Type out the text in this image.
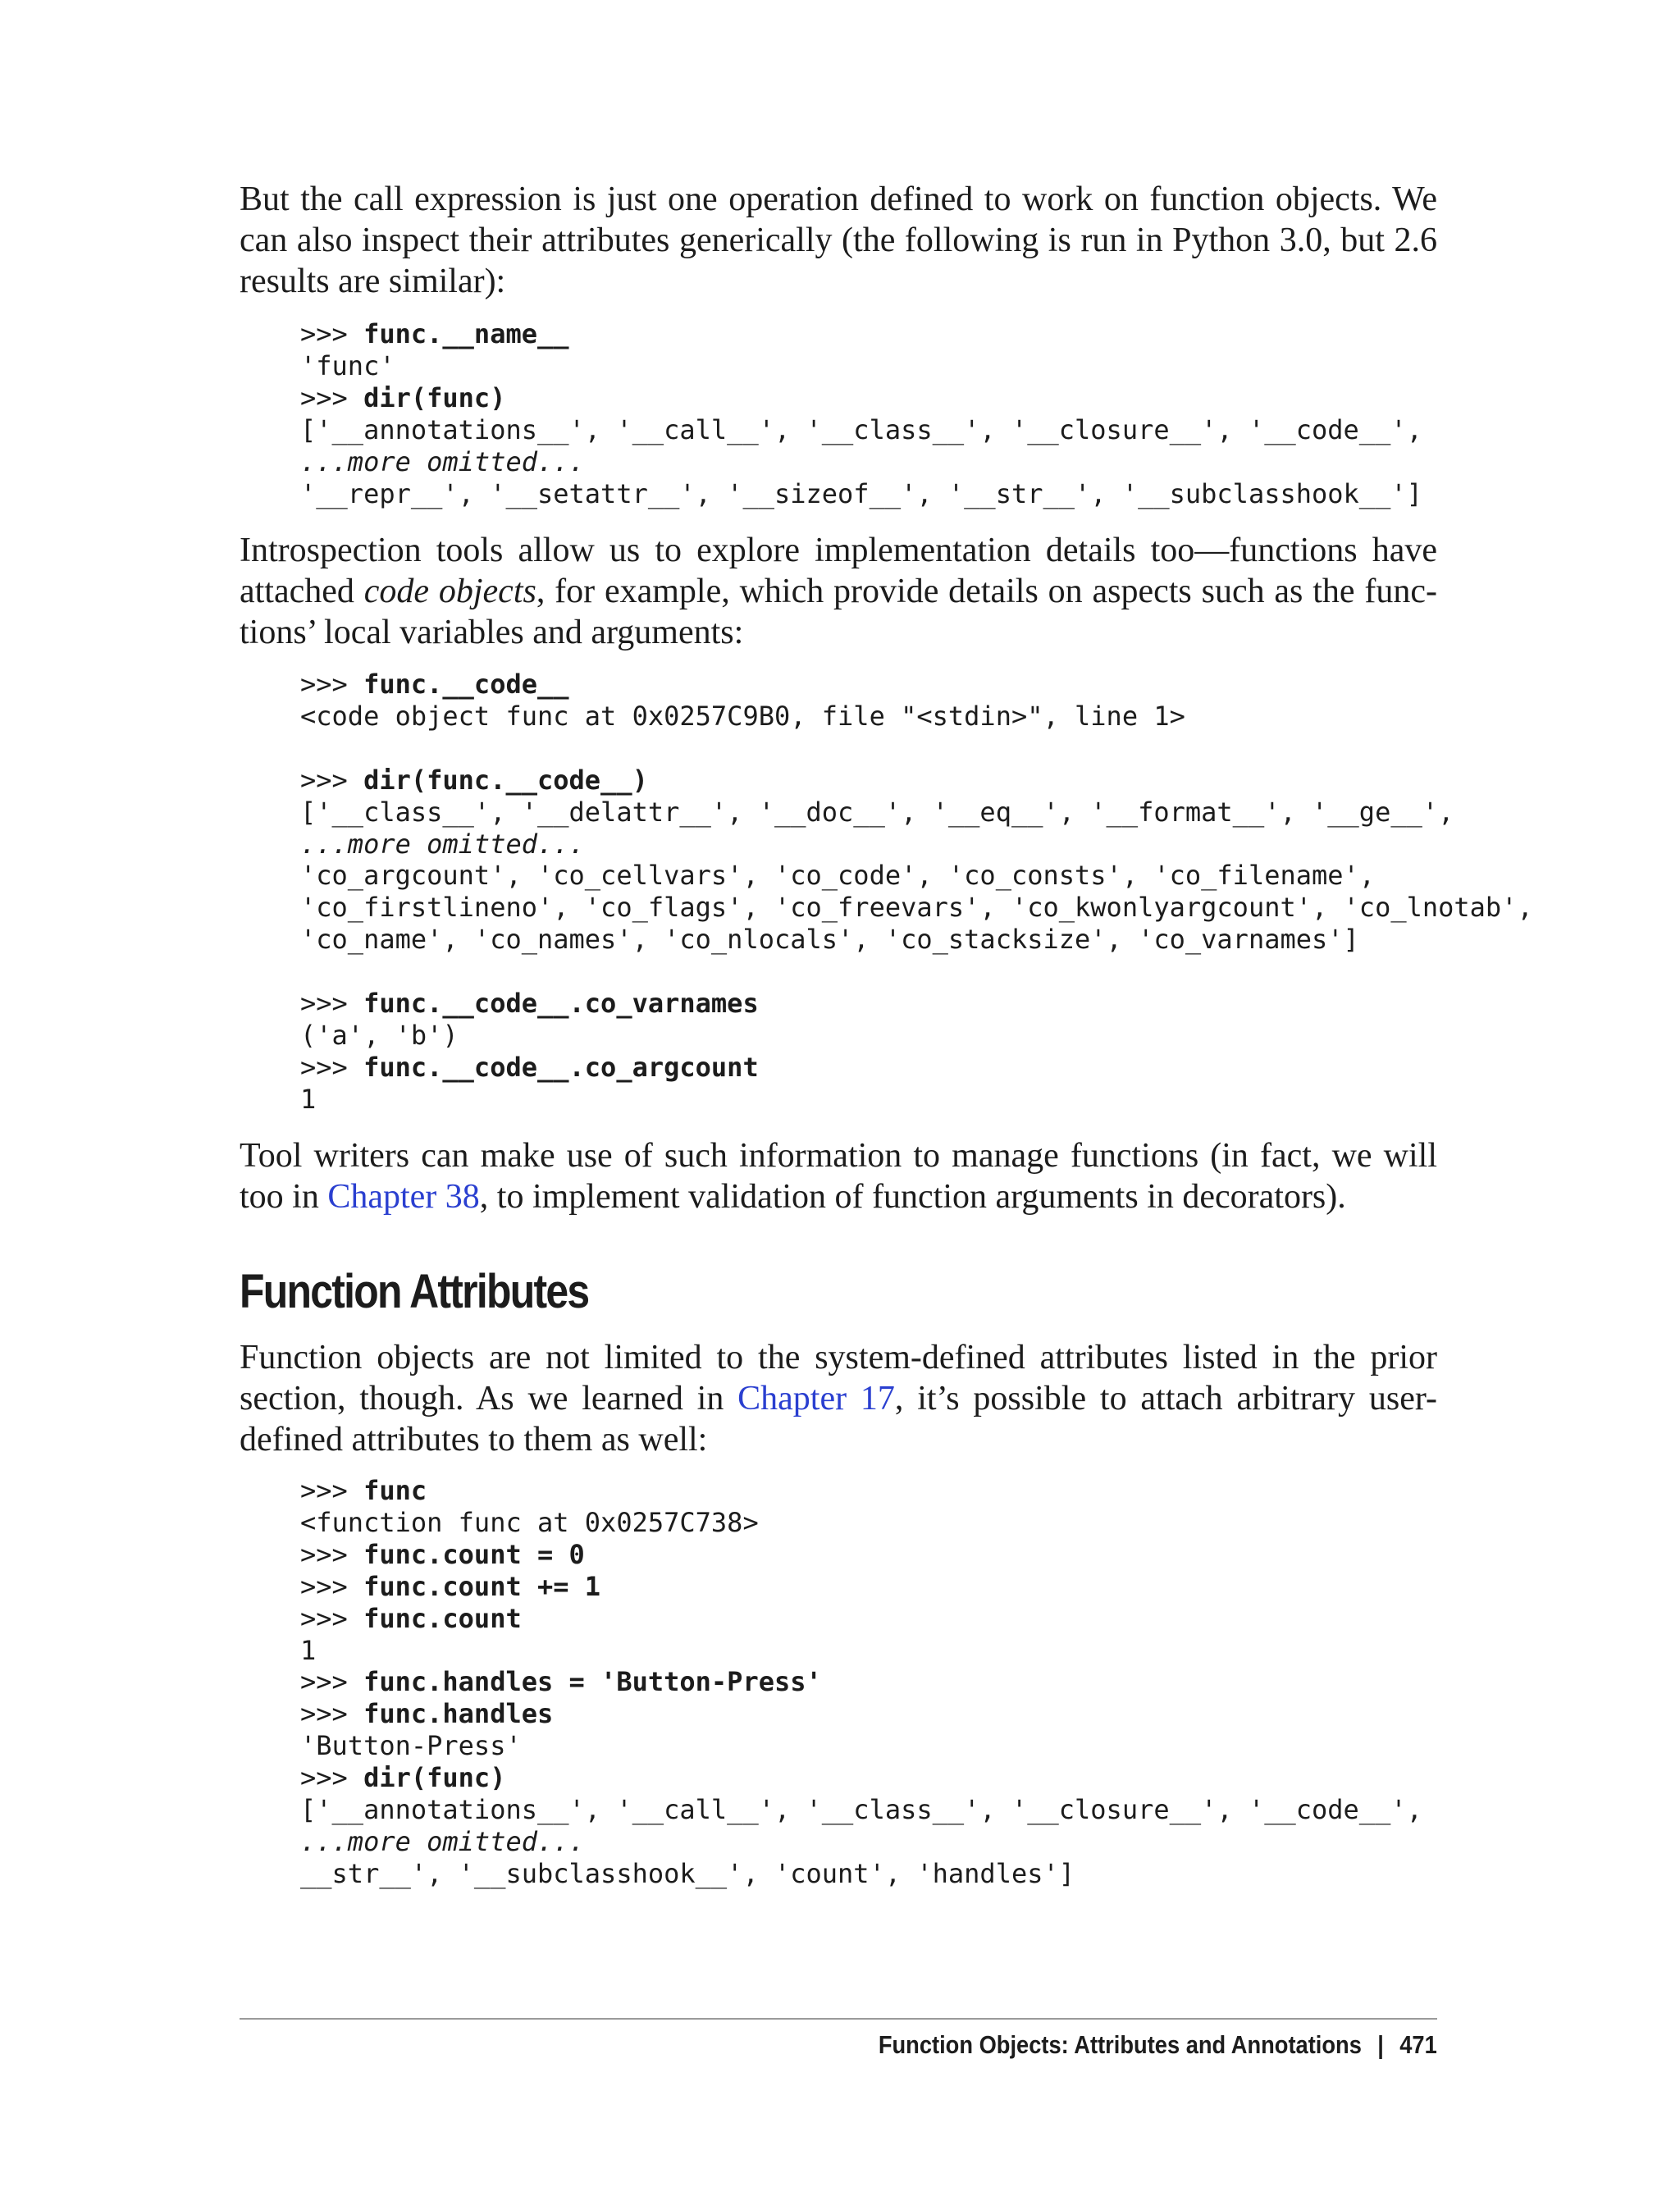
But the call expression is just one operation defined to work on function objects. We can also inspect their attributes generically (the following is run in Python 3.0, but 2.6 results are similar):

>>> func.__name__
'func'
>>> dir(func)
['__annotations__', '__call__', '__class__', '__closure__', '__code__',
...more omitted...
'__repr__', '__setattr__', '__sizeof__', '__str__', '__subclasshook__']

Introspection tools allow us to explore implementation details too—functions have attached code objects, for example, which provide details on aspects such as the functions’ local variables and arguments:

>>> func.__code__
<code object func at 0x0257C9B0, file "<stdin>", line 1>

>>> dir(func.__code__)
['__class__', '__delattr__', '__doc__', '__eq__', '__format__', '__ge__',
...more omitted...
'co_argcount', 'co_cellvars', 'co_code', 'co_consts', 'co_filename',
'co_firstlineno', 'co_flags', 'co_freevars', 'co_kwonlyargcount', 'co_lnotab',
'co_name', 'co_names', 'co_nlocals', 'co_stacksize', 'co_varnames']

>>> func.__code__.co_varnames
('a', 'b')
>>> func.__code__.co_argcount
1

Tool writers can make use of such information to manage functions (in fact, we will too in Chapter 38, to implement validation of function arguments in decorators).

Function Attributes

Function objects are not limited to the system-defined attributes listed in the prior section, though. As we learned in Chapter 17, it’s possible to attach arbitrary user-defined attributes to them as well:

>>> func
<function func at 0x0257C738>
>>> func.count = 0
>>> func.count += 1
>>> func.count
1
>>> func.handles = 'Button-Press'
>>> func.handles
'Button-Press'
>>> dir(func)
['__annotations__', '__call__', '__class__', '__closure__', '__code__',
...more omitted...
__str__', '__subclasshook__', 'count', 'handles']
Function Objects: Attributes and Annotations | 471
